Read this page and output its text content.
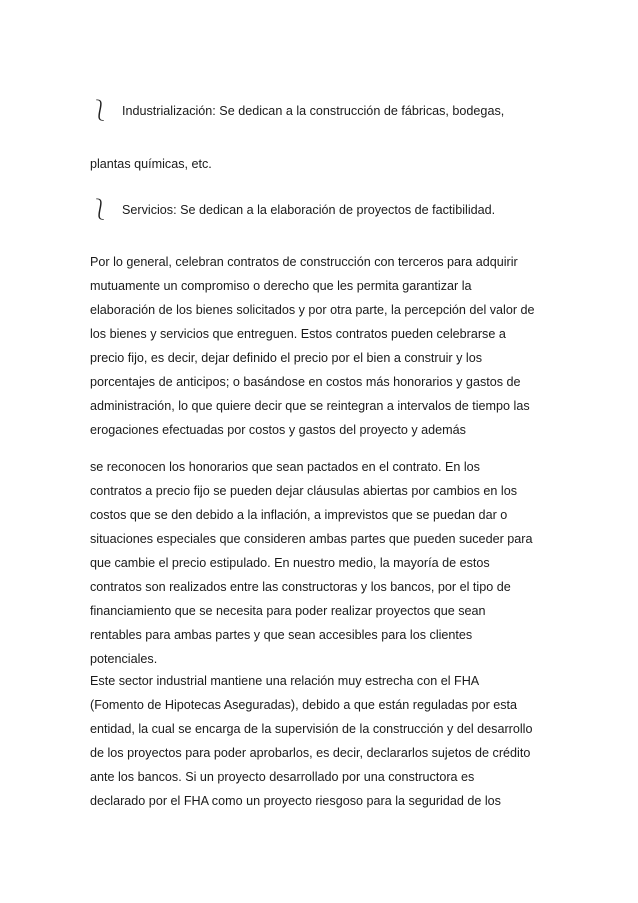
⎱ Industrialización: Se dedican a la construcción de fábricas, bodegas,
plantas químicas, etc.
⎱ Servicios: Se dedican a la elaboración de proyectos de factibilidad.
Por lo general, celebran contratos de construcción con terceros para adquirir
mutuamente un compromiso o derecho que les permita garantizar la
elaboración de los bienes solicitados y por otra parte, la percepción del valor de
los bienes y servicios que entreguen. Estos contratos pueden celebrarse a
precio fijo, es decir, dejar definido el precio por el bien a construir y los
porcentajes de anticipos; o basándose en costos más honorarios y gastos de
administración, lo que quiere decir que se reintegran a intervalos de tiempo las
erogaciones efectuadas por costos y gastos del proyecto y además
se reconocen los honorarios que sean pactados en el contrato. En los
contratos a precio fijo se pueden dejar cláusulas abiertas por cambios en los
costos que se den debido a la inflación, a imprevistos que se puedan dar o
situaciones especiales que consideren ambas partes que pueden suceder para
que cambie el precio estipulado. En nuestro medio, la mayoría de estos
contratos son realizados entre las constructoras y los bancos, por el tipo de
financiamiento que se necesita para poder realizar proyectos que sean
rentables para ambas partes y que sean accesibles para los clientes
potenciales.
Este sector industrial mantiene una relación muy estrecha con el FHA
(Fomento de Hipotecas Aseguradas), debido a que están reguladas por esta
entidad, la cual se encarga de la supervisión de la construcción y del desarrollo
de los proyectos para poder aprobarlos, es decir, declararlos sujetos de crédito
ante los bancos. Si un proyecto desarrollado por una constructora es
declarado por el FHA como un proyecto riesgoso para la seguridad de los
